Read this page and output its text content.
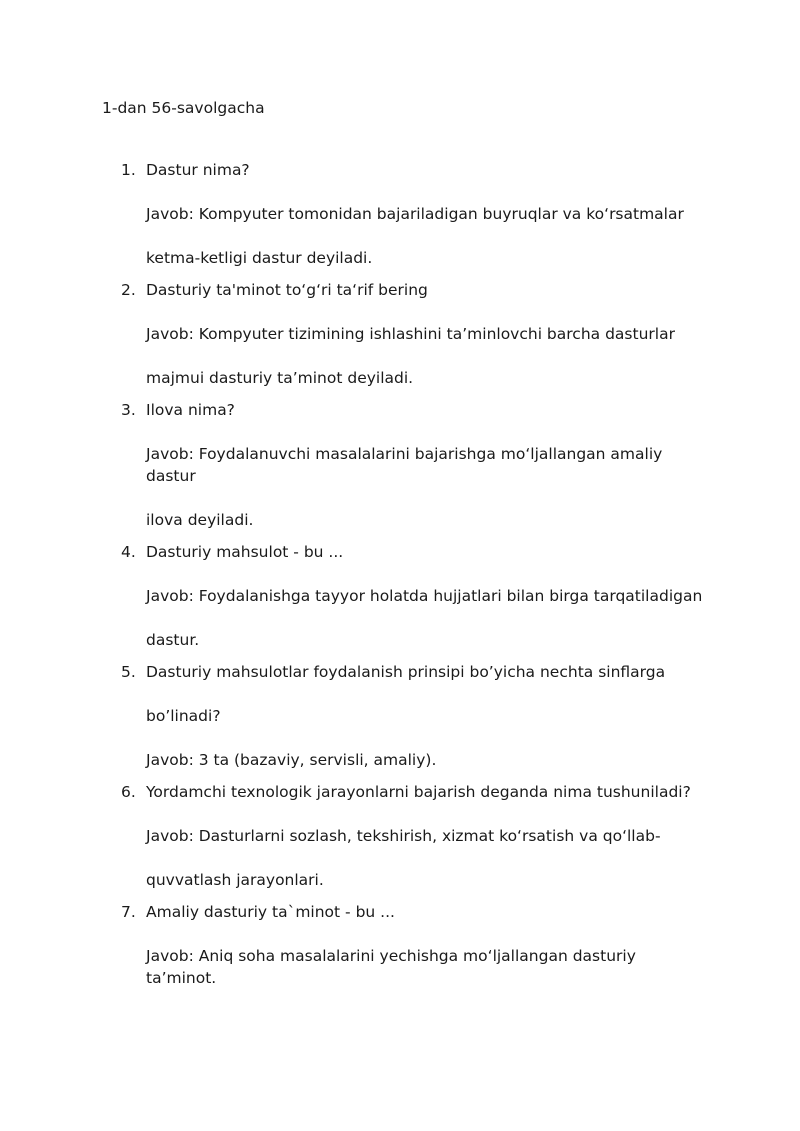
1-dan 56-savolgacha
1. Dastur nima?

Javob: Kompyuter tomonidan bajariladigan buyruqlar va ko‘rsatmalar
ketma-ketligi dastur deyiladi.

2. Dasturiy ta'minot to‘g‘ri ta‘rif bering

Javob: Kompyuter tizimining ishlashini ta’minlovchi barcha dasturlar
majmui dasturiy ta’minot deyiladi.

3. Ilova nima?

Javob: Foydalanuvchi masalalarini bajarishga mo‘ljallangan amaliy dastur
ilova deyiladi.

4. Dasturiy mahsulot - bu ...

Javob: Foydalanishga tayyor holatda hujjatlari bilan birga tarqatiladigan
dastur.

5. Dasturiy mahsulotlar foydalanish prinsipi bo’yicha nechta sinflarga

bo’linadi?

Javob: 3 ta (bazaviy, servisli, amaliy).

6. Yordamchi texnologik jarayonlarni bajarish deganda nima tushuniladi?

Javob: Dasturlarni sozlash, tekshirish, xizmat ko‘rsatish va qo‘llab-
quvvatlash jarayonlari.

7. Amaliy dasturiy ta`minot - bu ...

Javob: Aniq soha masalalarini yechishga mo‘ljallangan dasturiy ta’minot.
